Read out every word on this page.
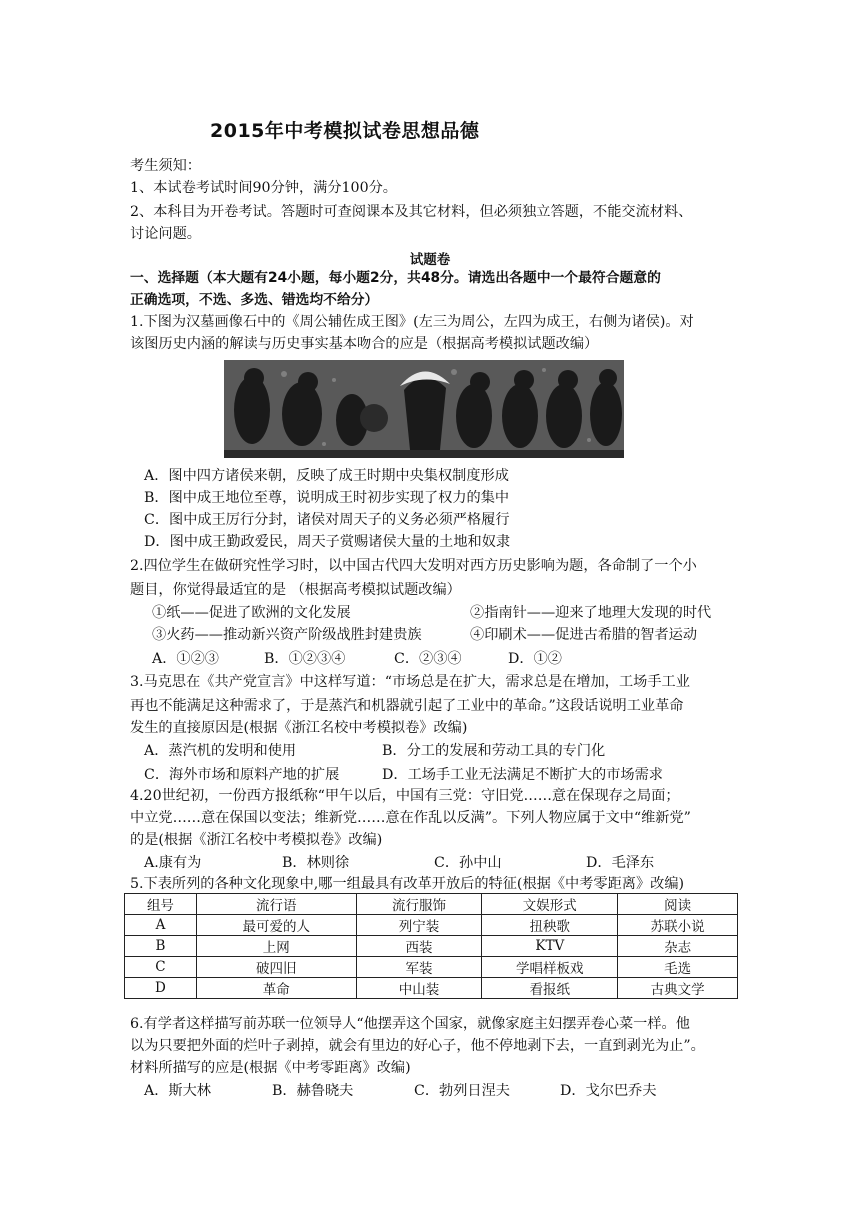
2015年中考模拟试卷思想品德
考生须知：
1、本试卷考试时间90分钟，满分100分。
2、本科目为开卷考试。答题时可查阅课本及其它材料，但必须独立答题，不能交流材料、
讨论问题。
试题卷
一、选择题（本大题有24小题，每小题2分，共48分。请选出各题中一个最符合题意的
正确选项，不选、多选、错选均不给分）
1.下图为汉墓画像石中的《周公辅佐成王图》(左三为周公，左四为成王，右侧为诸侯)。对
该图历史内涵的解读与历史事实基本吻合的应是（根据高考模拟试题改编）
A．图中四方诸侯来朝，反映了成王时期中央集权制度形成
B．图中成王地位至尊，说明成王时初步实现了权力的集中
C．图中成王厉行分封，诸侯对周天子的义务必须严格履行
D．图中成王勤政爱民，周天子赏赐诸侯大量的土地和奴隶
2.四位学生在做研究性学习时，以中国古代四大发明对西方历史影响为题，各命制了一个小
题目，你觉得最适宜的是 （根据高考模拟试题改编）
①纸——促进了欧洲的文化发展	②指南针——迎来了地理大发现的时代
③火药——推动新兴资产阶级战胜封建贵族	④印刷术——促进古希腊的智者运动
A．①②③	B．①②③④	C．②③④	D．①②
3.马克思在《共产党宣言》中这样写道：“市场总是在扩大，需求总是在增加，工场手工业
再也不能满足这种需求了，于是蒸汽和机器就引起了工业中的革命。”这段话说明工业革命
发生的直接原因是(根据《浙江名校中考模拟卷》改编)
A．蒸汽机的发明和使用	B．分工的发展和劳动工具的专门化
C．海外市场和原料产地的扩展	D．工场手工业无法满足不断扩大的市场需求
4.20世纪初，一份西方报纸称“甲午以后，中国有三党：守旧党……意在保现存之局面；
中立党……意在保国以变法；维新党……意在作乱以反满”。下列人物应属于文中“维新党”
的是(根据《浙江名校中考模拟卷》改编)
A.康有为	B．林则徐	C．孙中山	D．毛泽东
5.下表所列的各种文化现象中,哪一组最具有改革开放后的特征(根据《中考零距离》改编)
组号	流行语	流行服饰	文娱形式	阅读
A	最可爱的人	列宁装	扭秧歌	苏联小说
B	上网	西装	KTV	杂志
C	破四旧	军装	学唱样板戏	毛选
D	革命	中山装	看报纸	古典文学
6.有学者这样描写前苏联一位领导人“他摆弄这个国家，就像家庭主妇摆弄卷心菜一样。他
以为只要把外面的烂叶子剥掉，就会有里边的好心子，他不停地剥下去，一直到剥光为止”。
材料所描写的应是(根据《中考零距离》改编)
A．斯大林	B．赫鲁晓夫	C．勃列日涅夫	D．戈尔巴乔夫
